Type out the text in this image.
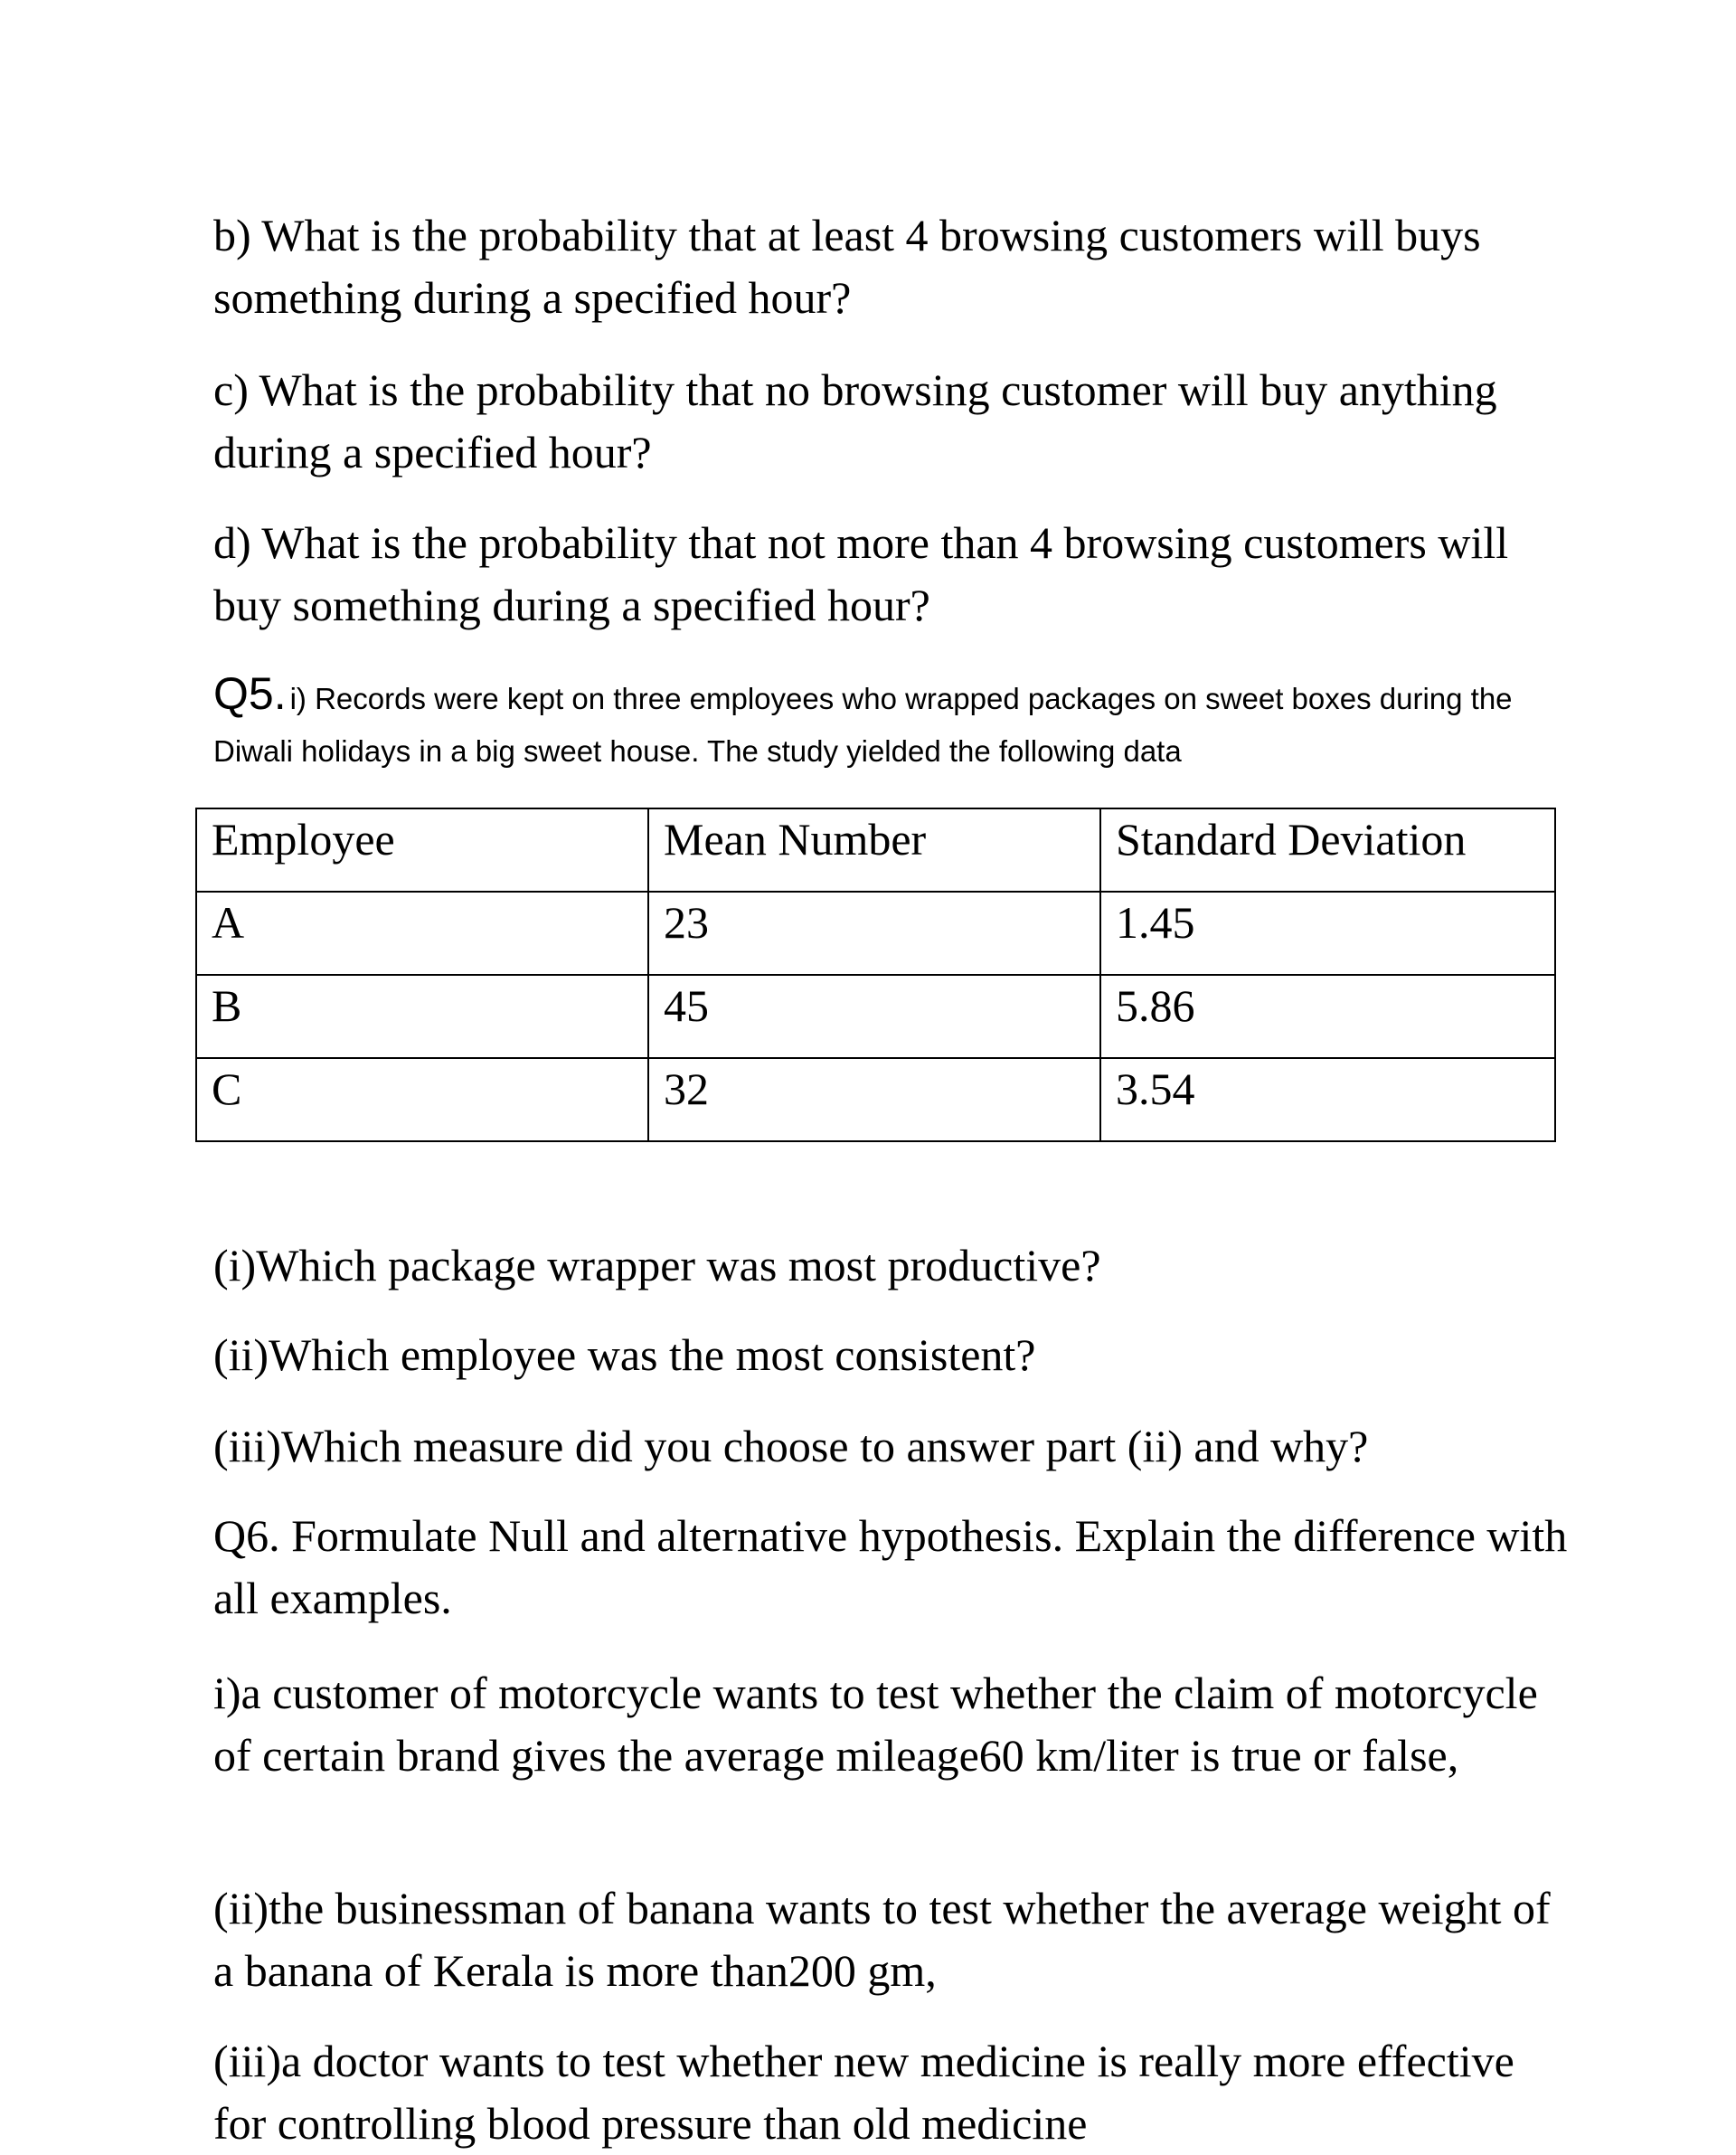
b) What is the probability that at least 4 browsing customers will buys something during a specified hour?

c) What is the probability that no browsing customer will buy anything during a specified hour?

d) What is the probability that not more than 4 browsing customers will buy something during a specified hour?

Q5. i) Records were kept on three employees who wrapped packages on sweet boxes during the Diwali holidays in a big sweet house. The study yielded the following data

Employee	Mean Number	Standard Deviation
A	23	1.45
B	45	5.86
C	32	3.54

(i)Which package wrapper was most productive?

(ii)Which employee was the most consistent?

(iii)Which measure did you choose to answer part (ii) and why?

Q6. Formulate Null and alternative hypothesis. Explain the difference with all examples.

i)a customer of motorcycle wants to test whether the claim of motorcycle of certain brand gives the average mileage60 km/liter is true or false,

(ii)the businessman of banana wants to test whether the average weight of a banana of Kerala is more than200 gm,

(iii)a doctor wants to test whether new medicine is really more effective for controlling blood pressure than old medicine
